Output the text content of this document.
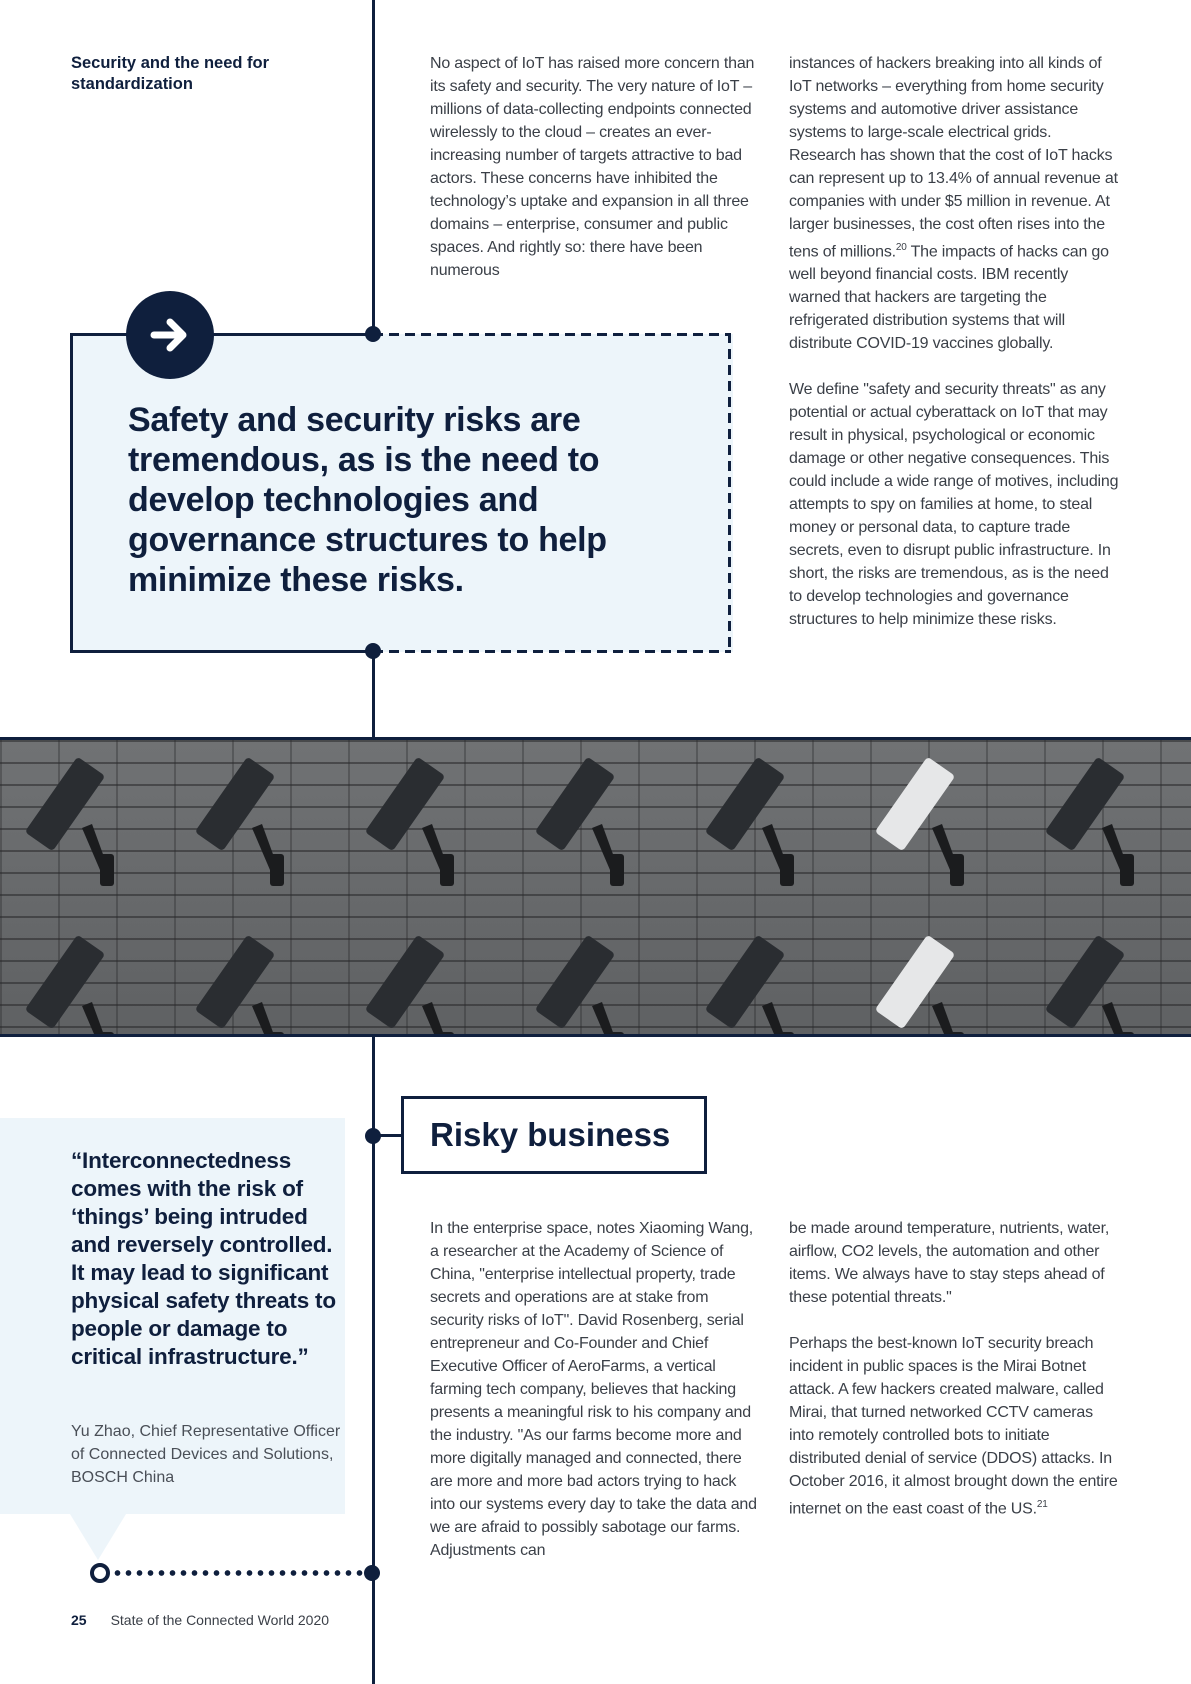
Security and the need for standardization

No aspect of IoT has raised more concern than its safety and security. The very nature of IoT – millions of data-collecting endpoints connected wirelessly to the cloud – creates an ever-increasing number of targets attractive to bad actors. These concerns have inhibited the technology’s uptake and expansion in all three domains – enterprise, consumer and public spaces. And rightly so: there have been numerous

instances of hackers breaking into all kinds of IoT networks – everything from home security systems and automotive driver assistance systems to large-scale electrical grids. Research has shown that the cost of IoT hacks can represent up to 13.4% of annual revenue at companies with under $5 million in revenue. At larger businesses, the cost often rises into the tens of millions.$^{20}$ The impacts of hacks can go well beyond financial costs. IBM recently warned that hackers are targeting the refrigerated distribution systems that will distribute COVID-19 vaccines globally.

We define "safety and security threats" as any potential or actual cyberattack on IoT that may result in physical, psychological or economic damage or other negative consequences. This could include a wide range of motives, including attempts to spy on families at home, to steal money or personal data, to capture trade secrets, even to disrupt public infrastructure. In short, the risks are tremendous, as is the need to develop technologies and governance structures to help minimize these risks.

Safety and security risks are tremendous, as is the need to develop technologies and governance structures to help minimize these risks.
Risky business

In the enterprise space, notes Xiaoming Wang, a researcher at the Academy of Science of China, "enterprise intellectual property, trade secrets and operations are at stake from security risks of IoT". David Rosenberg, serial entrepreneur and Co-Founder and Chief Executive Officer of AeroFarms, a vertical farming tech company, believes that hacking presents a meaningful risk to his company and the industry. "As our farms become more and more digitally managed and connected, there are more and more bad actors trying to hack into our systems every day to take the data and we are afraid to possibly sabotage our farms. Adjustments can

be made around temperature, nutrients, water, airflow, CO2 levels, the automation and other items. We always have to stay steps ahead of these potential threats."

Perhaps the best-known IoT security breach incident in public spaces is the Mirai Botnet attack. A few hackers created malware, called Mirai, that turned networked CCTV cameras into remotely controlled bots to initiate distributed denial of service (DDOS) attacks. In October 2016, it almost brought down the entire internet on the east coast of the US.$^{21}$

“Interconnectedness comes with the risk of ‘things’ being intruded and reversely controlled. It may lead to significant physical safety threats to people or damage to critical infrastructure.”
Yu Zhao, Chief Representative Officer of Connected Devices and Solutions, BOSCH China
25 State of the Connected World 2020
